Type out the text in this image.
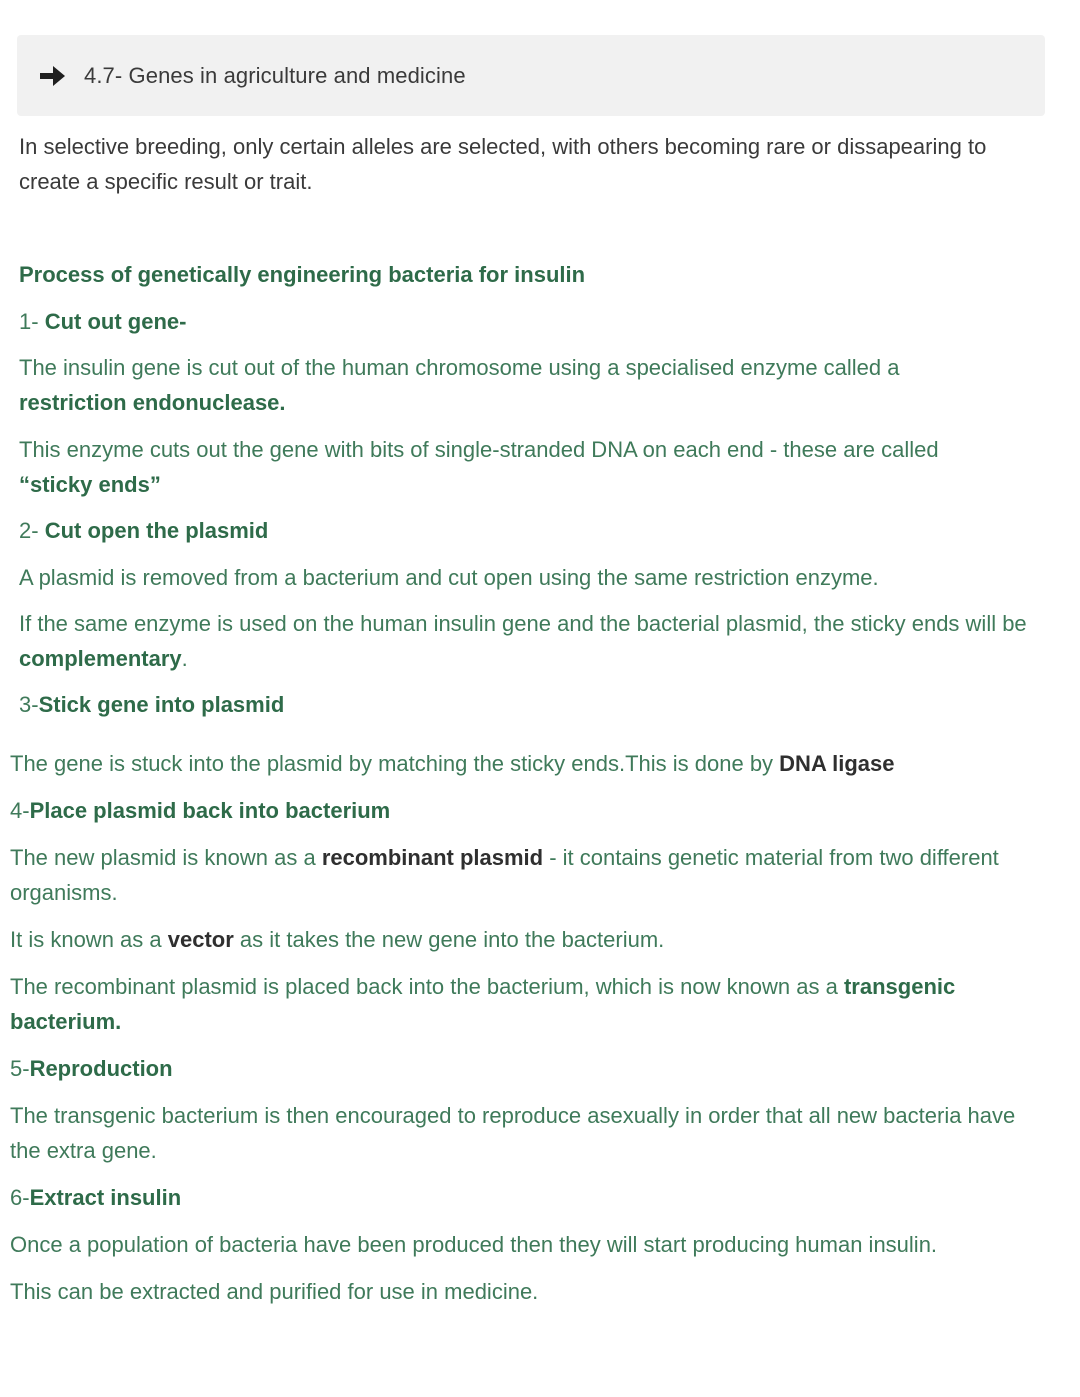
4.7- Genes in agriculture and medicine

In selective breeding, only certain alleles are selected, with others becoming rare or dissapearing to create a specific result or trait.

Process of genetically engineering bacteria for insulin

1- Cut out gene-

The insulin gene is cut out of the human chromosome using a specialised enzyme called a restriction endonuclease.

This enzyme cuts out the gene with bits of single-stranded DNA on each end - these are called “sticky ends”

2- Cut open the plasmid

A plasmid is removed from a bacterium and cut open using the same restriction enzyme.

If the same enzyme is used on the human insulin gene and the bacterial plasmid, the sticky ends will be complementary.

3-Stick gene into plasmid

The gene is stuck into the plasmid by matching the sticky ends.This is done by DNA ligase

4-Place plasmid back into bacterium

The new plasmid is known as a recombinant plasmid - it contains genetic material from two different organisms.

It is known as a vector as it takes the new gene into the bacterium.

The recombinant plasmid is placed back into the bacterium, which is now known as a transgenic bacterium.

5-Reproduction

The transgenic bacterium is then encouraged to reproduce asexually in order that all new bacteria have the extra gene.

6-Extract insulin

Once a population of bacteria have been produced then they will start producing human insulin.

This can be extracted and purified for use in medicine.
